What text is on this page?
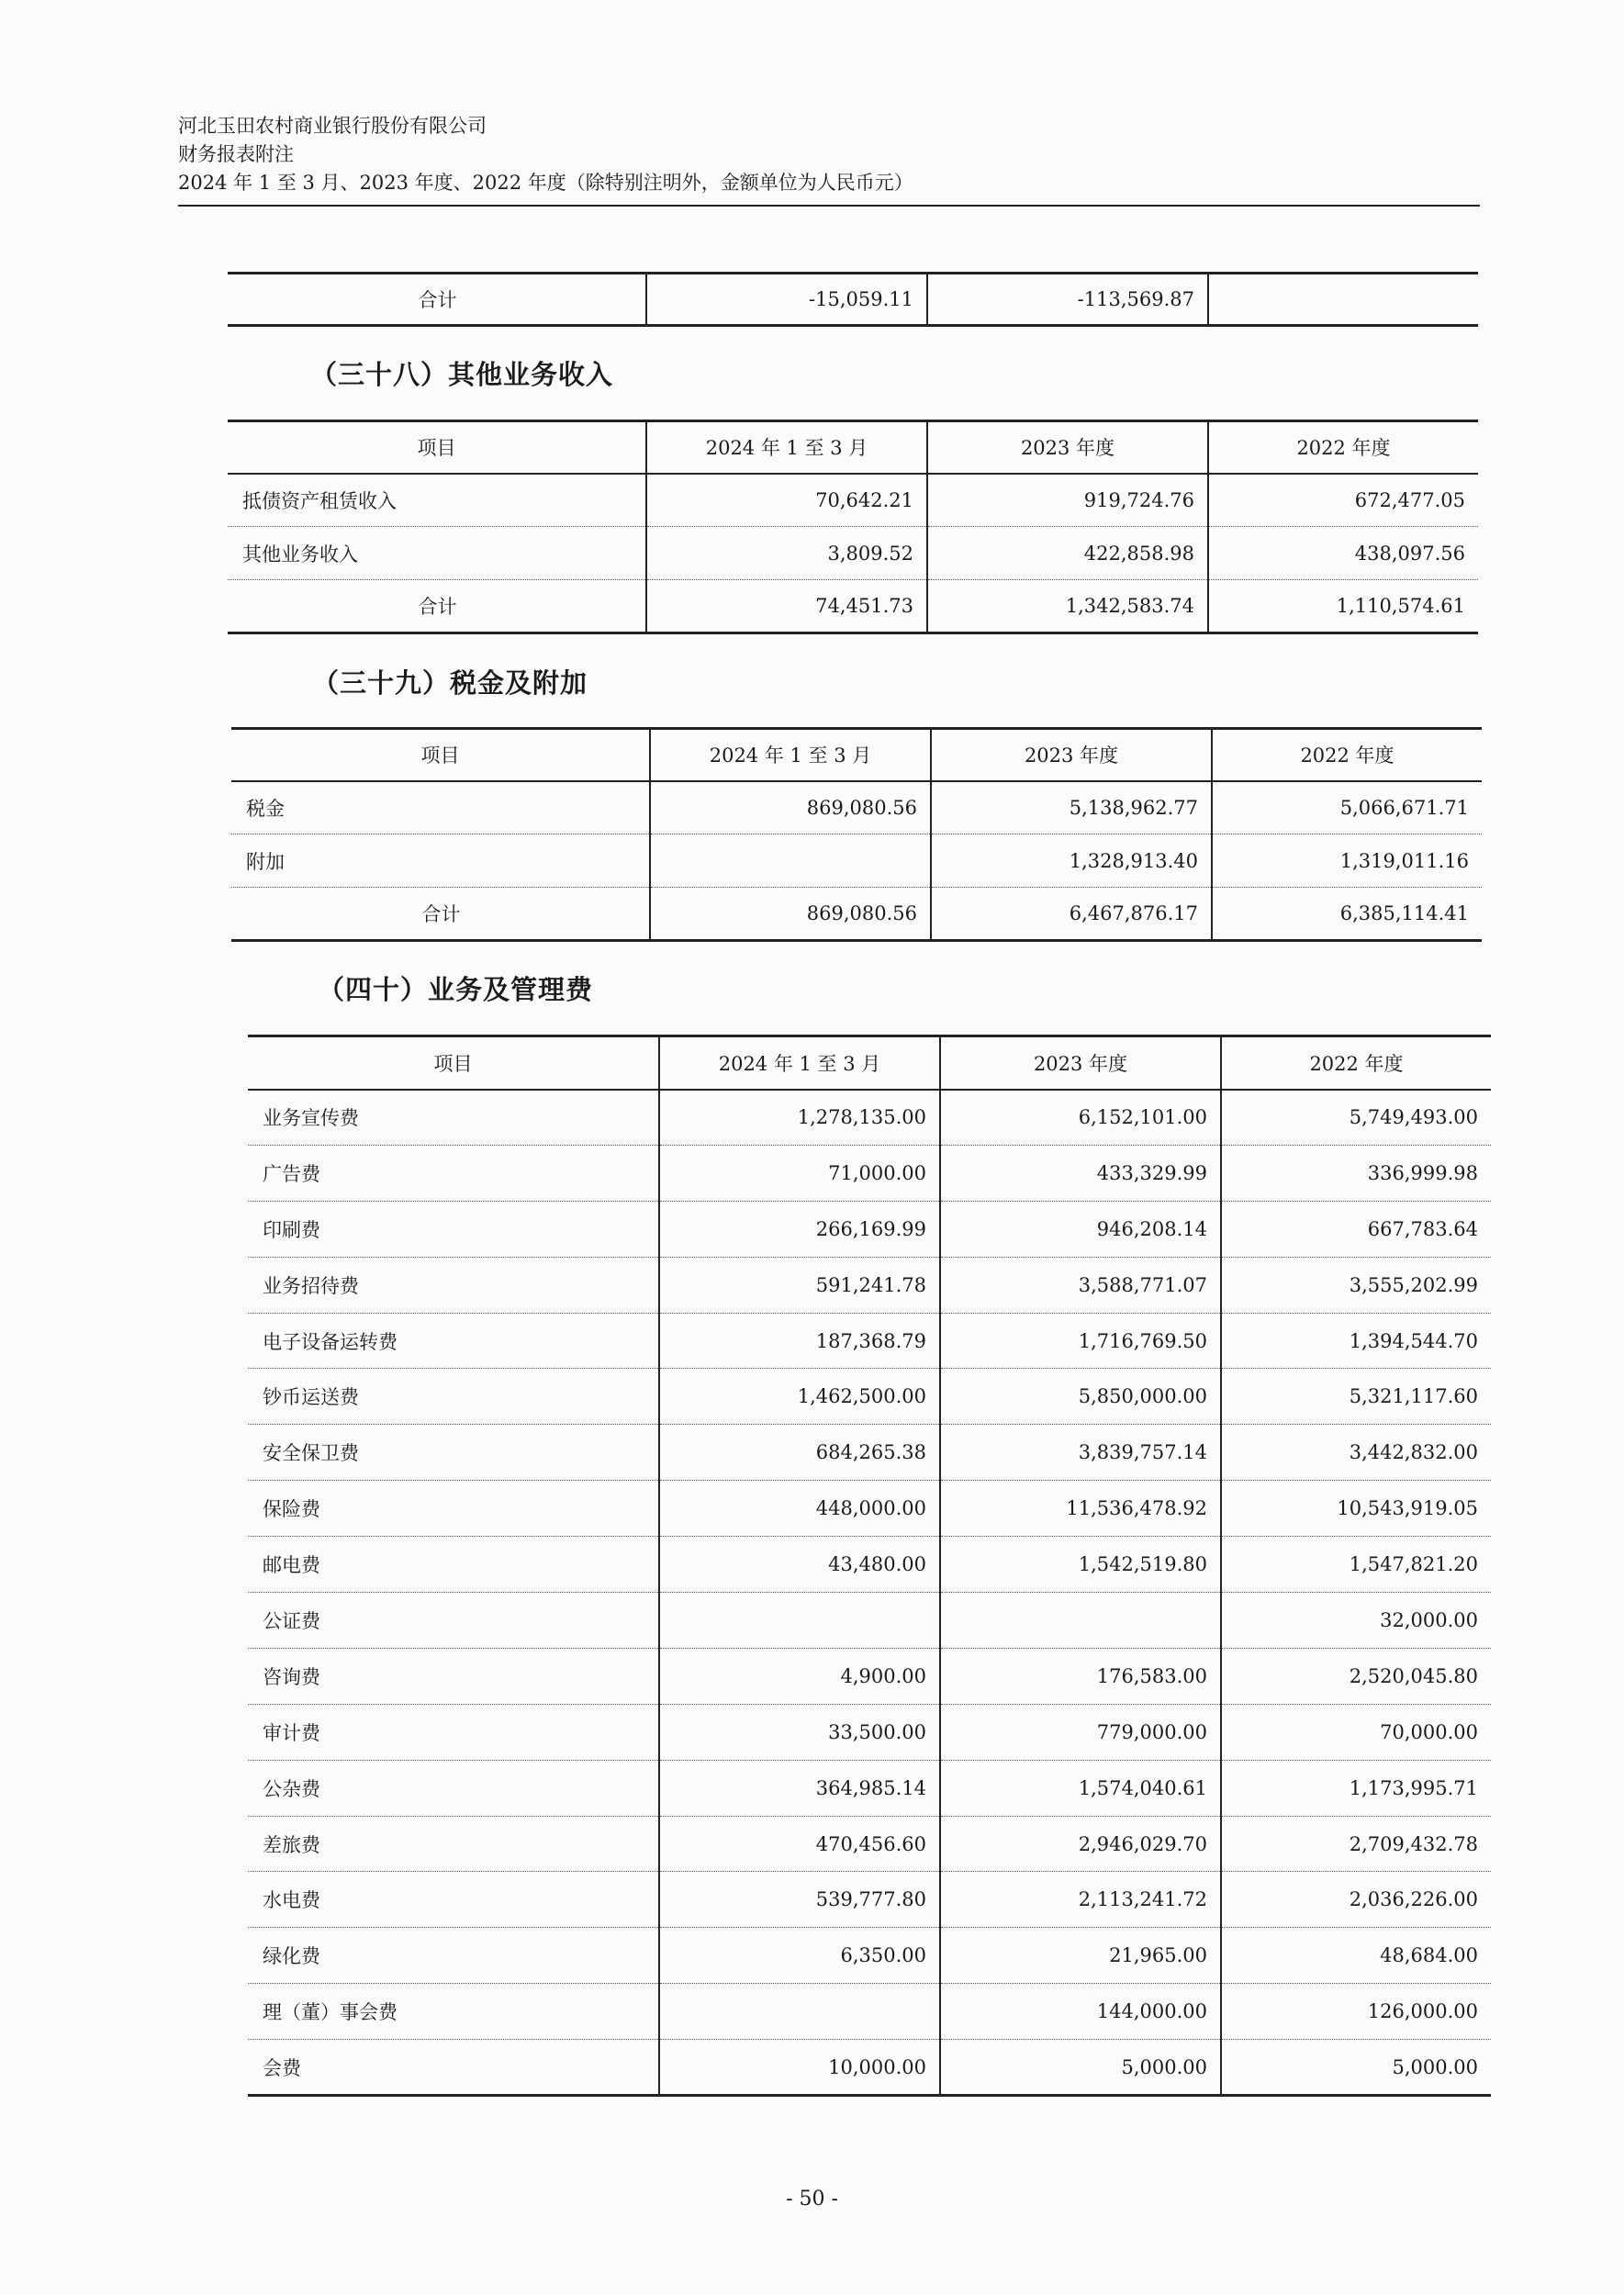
河北玉田农村商业银行股份有限公司
财务报表附注
2024 年 1 至 3 月、2023 年度、2022 年度（除特别注明外，金额单位为人民币元）
合计	-15,059.11	-113,569.87	
（三十八）其他业务收入
项目	2024 年 1 至 3 月	2023 年度	2022 年度
抵债资产租赁收入	70,642.21	919,724.76	672,477.05
其他业务收入	3,809.52	422,858.98	438,097.56
合计	74,451.73	1,342,583.74	1,110,574.61
（三十九）税金及附加
项目	2024 年 1 至 3 月	2023 年度	2022 年度
税金	869,080.56	5,138,962.77	5,066,671.71
附加		1,328,913.40	1,319,011.16
合计	869,080.56	6,467,876.17	6,385,114.41
（四十）业务及管理费
项目	2024 年 1 至 3 月	2023 年度	2022 年度
业务宣传费	1,278,135.00	6,152,101.00	5,749,493.00
广告费	71,000.00	433,329.99	336,999.98
印刷费	266,169.99	946,208.14	667,783.64
业务招待费	591,241.78	3,588,771.07	3,555,202.99
电子设备运转费	187,368.79	1,716,769.50	1,394,544.70
钞币运送费	1,462,500.00	5,850,000.00	5,321,117.60
安全保卫费	684,265.38	3,839,757.14	3,442,832.00
保险费	448,000.00	11,536,478.92	10,543,919.05
邮电费	43,480.00	1,542,519.80	1,547,821.20
公证费			32,000.00
咨询费	4,900.00	176,583.00	2,520,045.80
审计费	33,500.00	779,000.00	70,000.00
公杂费	364,985.14	1,574,040.61	1,173,995.71
差旅费	470,456.60	2,946,029.70	2,709,432.78
水电费	539,777.80	2,113,241.72	2,036,226.00
绿化费	6,350.00	21,965.00	48,684.00
理（董）事会费		144,000.00	126,000.00
会费	10,000.00	5,000.00	5,000.00
- 50 -
